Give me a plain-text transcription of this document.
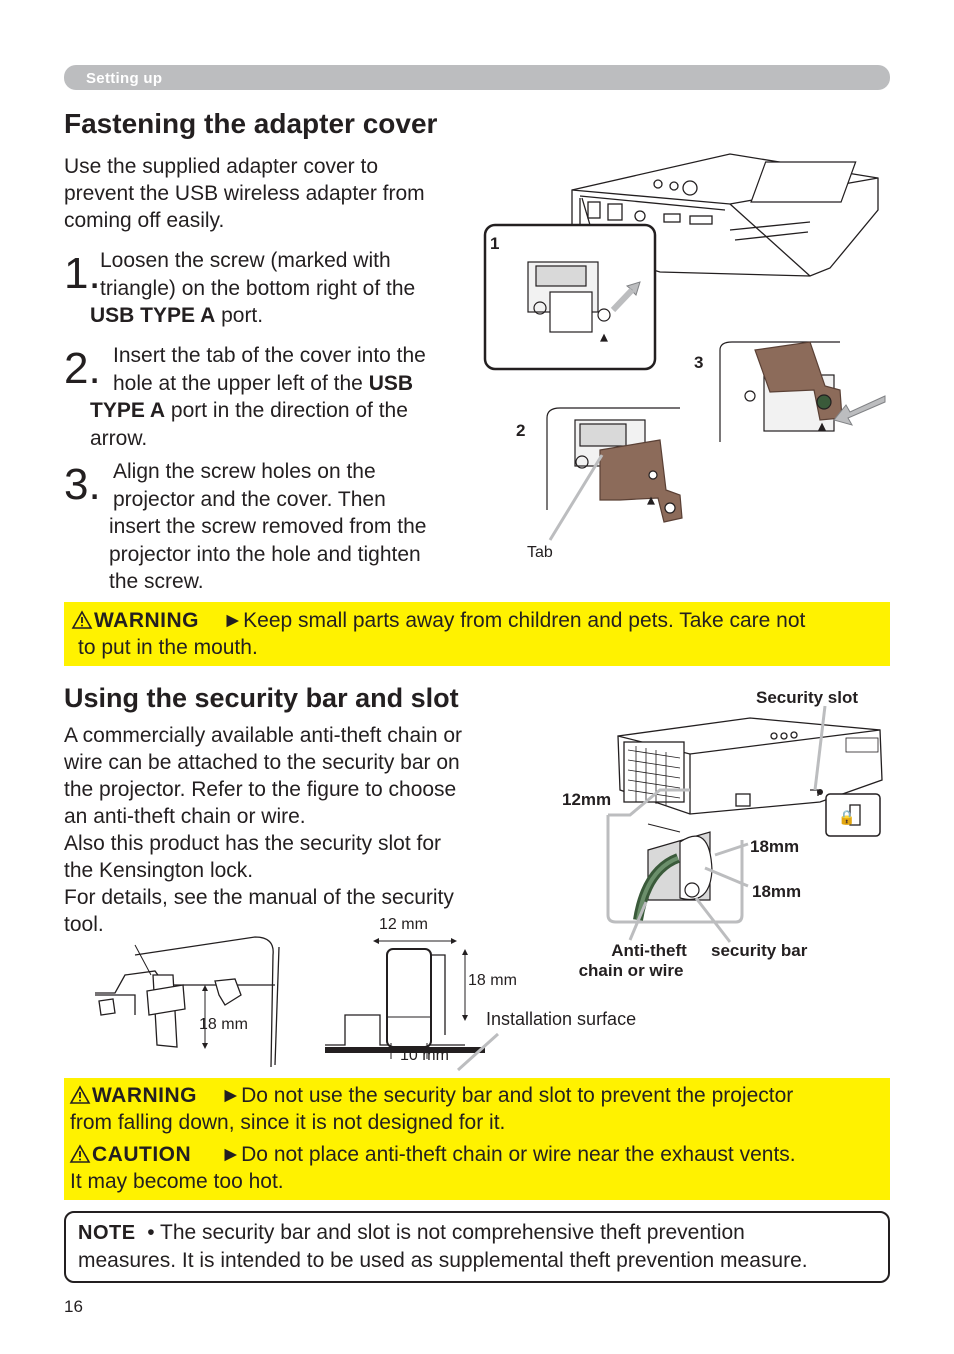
Setting up
Fastening the adapter cover
Use the supplied adapter cover to
prevent the USB wireless adapter from
coming off easily.
1. Loosen the screw (marked with
triangle) on the bottom right of the
USB TYPE A port.
2. Insert the tab of the cover into the
hole at the upper left of the USB
TYPE A port in the direction of the
arrow.
3. Align the screw holes on the
projector and the cover. Then
insert the screw removed from the
projector into the hole and tighten
the screw.
1
3
2
Tab
WARNING ►Keep small parts away from children and pets. Take care not
to put in the mouth.
Using the security bar and slot
A commercially available anti-theft chain or
wire can be attached to the security bar on
the projector. Refer to the figure to choose
an anti-theft chain or wire.
Also this product has the security slot for
the Kensington lock.
For details, see the manual of the security
tool.
🔒
Security slot
12mm
18mm
18mm
Anti-theft
chain or wire
security bar
18 mm
12 mm
18 mm
10 mm
Installation surface
WARNING ►Do not use the security bar and slot to prevent the projector
from falling down, since it is not designed for it.
CAUTION ►Do not place anti-theft chain or wire near the exhaust vents.
It may become too hot.
NOTE • The security bar and slot is not comprehensive theft prevention
measures. It is intended to be used as supplemental theft prevention measure.
16
